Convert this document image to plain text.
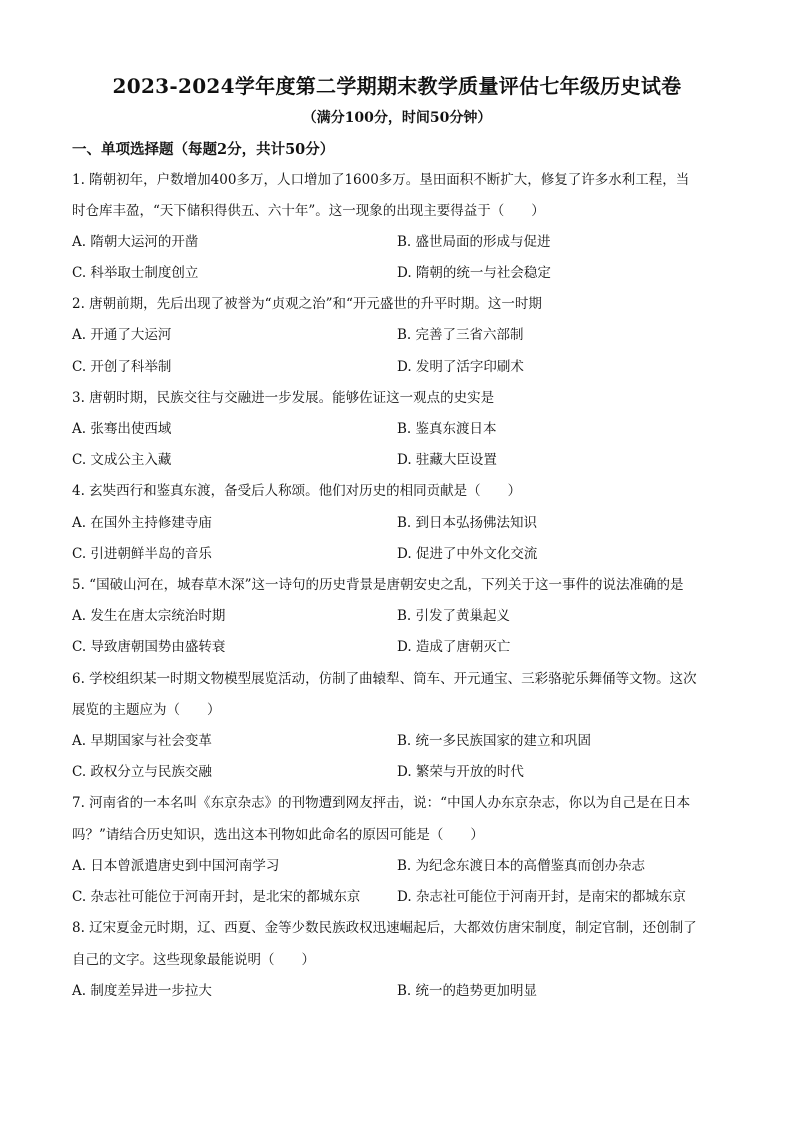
2023-2024学年度第二学期期末教学质量评估七年级历史试卷
（满分100分，时间50分钟）
一、单项选择题（每题2分，共计50分）
1. 隋朝初年，户数增加400多万，人口增加了1600多万。垦田面积不断扩大，修复了许多水利工程，当
时仓库丰盈，“天下储积得供五、六十年”。这一现象的出现主要得益于（　　）
A. 隋朝大运河的开凿	B. 盛世局面的形成与促进
C. 科举取士制度创立	D. 隋朝的统一与社会稳定
2. 唐朝前期，先后出现了被誉为“贞观之治”和“开元盛世的升平时期。这一时期
A. 开通了大运河	B. 完善了三省六部制
C. 开创了科举制	D. 发明了活字印刷术
3. 唐朝时期，民族交往与交融进一步发展。能够佐证这一观点的史实是
A. 张骞出使西域	B. 鉴真东渡日本
C. 文成公主入藏	D. 驻藏大臣设置
4. 玄奘西行和鉴真东渡，备受后人称颂。他们对历史的相同贡献是（　　）
A. 在国外主持修建寺庙	B. 到日本弘扬佛法知识
C. 引进朝鲜半岛的音乐	D. 促进了中外文化交流
5. “国破山河在，城春草木深”这一诗句的历史背景是唐朝安史之乱，下列关于这一事件的说法准确的是
A. 发生在唐太宗统治时期	B. 引发了黄巢起义
C. 导致唐朝国势由盛转衰	D. 造成了唐朝灭亡
6. 学校组织某一时期文物模型展览活动，仿制了曲辕犁、筒车、开元通宝、三彩骆驼乐舞俑等文物。这次
展览的主题应为（　　）
A. 早期国家与社会变革	B. 统一多民族国家的建立和巩固
C. 政权分立与民族交融	D. 繁荣与开放的时代
7. 河南省的一本名叫《东京杂志》的刊物遭到网友抨击，说：“中国人办东京杂志，你以为自己是在日本
吗？”请结合历史知识，选出这本刊物如此命名的原因可能是（　　）
A. 日本曾派遣唐史到中国河南学习	B. 为纪念东渡日本的高僧鉴真而创办杂志
C. 杂志社可能位于河南开封，是北宋的都城东京	D. 杂志社可能位于河南开封，是南宋的都城东京
8. 辽宋夏金元时期，辽、西夏、金等少数民族政权迅速崛起后，大都效仿唐宋制度，制定官制，还创制了
自己的文字。这些现象最能说明（　　）
A. 制度差异进一步拉大	B. 统一的趋势更加明显
